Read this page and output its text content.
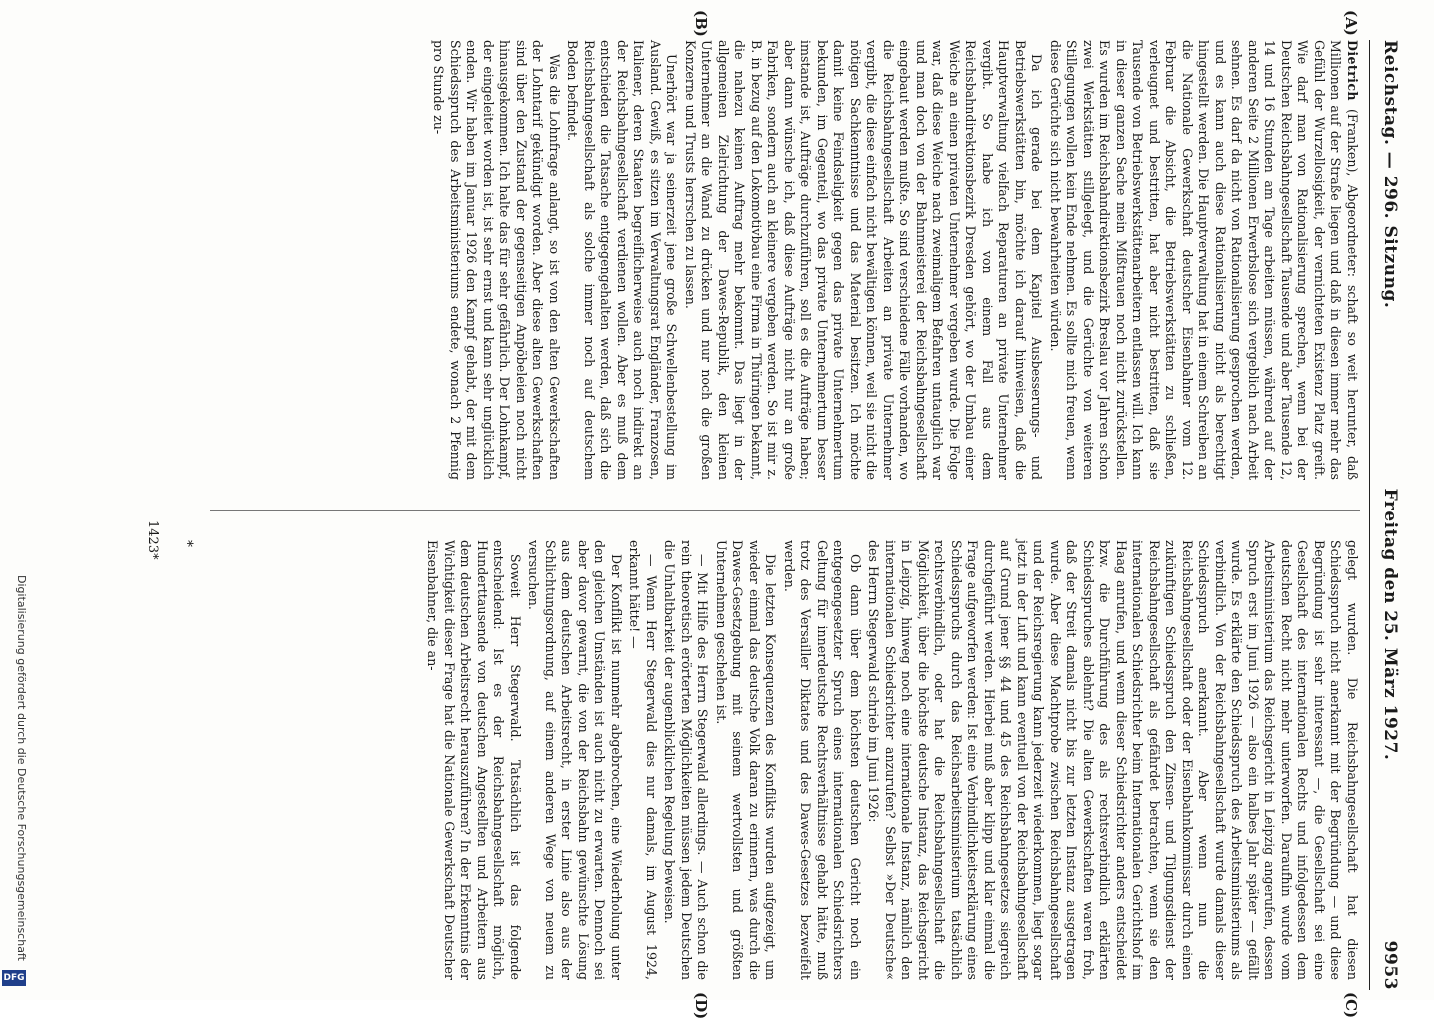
Reichstag. — 296. Sitzung.
Freitag den 25. März 1927.
9953
(A)
(B)
(C)
(D)

Dietrich (Franken), Abgeordneter: schaft so weit herunter, daß Millionen auf der Straße liegen und daß in diesen immer mehr das Gefühl der Wurzellosigkeit, der vernichteten Existenz Platz greift. Wie darf man von Rationalisierung sprechen, wenn bei der Deutschen Reichsbahngesellschaft Tausende und aber Tausende 12, 14 und 16 Stunden am Tage arbeiten müssen, während auf der anderen Seite 2 Millionen Erwerbslose sich vergeblich nach Arbeit sehnen. Es darf da nicht von Rationalisierung gesprochen werden, und es kann auch diese Rationalisierung nicht als berechtigt hingestellt werden. Die Hauptverwaltung hat in einem Schreiben an die Nationale Gewerkschaft deutscher Eisenbahner vom 12. Februar die Absicht, die Betriebswerkstätten zu schließen, verleugnet und bestritten, hat aber nicht bestritten, daß sie Tausende von Betriebswerkstättenarbeitern entlassen will. Ich kann in dieser ganzen Sache mein Mißtrauen noch nicht zurückstellen. Es wurden im Reichsbahndirektionsbezirk Breslau vor Jahren schon zwei Werkstätten stillgelegt, und die Gerüchte von weiteren Stillegungen wollen kein Ende nehmen. Es sollte mich freuen, wenn diese Gerüchte sich nicht bewahrheiten würden.

Da ich gerade bei dem Kapitel Ausbesserungs- und Betriebswerkstätten bin, möchte ich darauf hinweisen, daß die Hauptverwaltung vielfach Reparaturen an private Unternehmer vergibt. So habe ich von einem Fall aus dem Reichsbahndirektionsbezirk Dresden gehört, wo der Umbau einer Weiche an einen privaten Unternehmer vergeben wurde. Die Folge war, daß diese Weiche nach zweimaligem Befahren untauglich war und man doch von der Bahnmeisterei der Reichsbahngesellschaft eingebaut werden mußte. So sind verschiedene Fälle vorhanden, wo die Reichsbahngesellschaft Arbeiten an private Unternehmer vergibt, die diese einfach nicht bewältigen können, weil sie nicht die nötigen Sachkenntnisse und das Material besitzen. Ich möchte damit keine Feindseligkeit gegen das private Unternehmertum bekunden, im Gegenteil, wo das private Unternehmertum besser imstande ist, Aufträge durchzuführen, soll es die Aufträge haben; aber dann wünsche ich, daß diese Aufträge nicht nur an große Fabriken, sondern auch an kleinere vergeben werden. So ist mir z. B. in bezug auf den Lokomotivbau eine Firma in Thüringen bekannt, die nahezu keinen Auftrag mehr bekommt. Das liegt in der allgemeinen Zielrichtung der Dawes-Republik, den kleinen Unternehmer an die Wand zu drücken und nur noch die großen Konzerne und Trusts herrschen zu lassen.

Unerhört war ja seinerzeit jene große Schwellenbestellung im Ausland. Gewiß, es sitzen im Verwaltungsrat Engländer, Franzosen, Italiener, deren Staaten begreiflicherweise auch noch indirekt an der Reichsbahngesellschaft verdienen wollen. Aber es muß dem entschieden die Tatsache entgegengehalten werden, daß sich die Reichsbahngesellschaft als solche immer noch auf deutschem Boden befindet.

Was die Lohnfrage anlangt, so ist von den alten Gewerkschaften der Lohntarif gekündigt worden. Aber diese alten Gewerkschaften sind über den Zustand der gegenseitigen Anpöbeleien noch nicht hinausgekommen. Ich halte das für sehr gefährlich. Der Lohnkampf, der eingeleitet worden ist, ist sehr ernst und kann sehr unglücklich enden. Wir haben im Januar 1926 den Kampf gehabt, der mit dem Schiedsspruch des Arbeitsministeriums endete, wonach 2 Pfennig pro Stunde zu-

gelegt wurden. Die Reichsbahngesellschaft hat diesen Schiedsspruch nicht anerkannt mit der Begründung — und diese Begründung ist sehr interessant —, die Gesellschaft sei eine Gesellschaft des internationalen Rechts und infolgedessen dem deutschen Recht nicht mehr unterworfen. Daraufhin wurde vom Arbeitsministerium das Reichsgericht in Leipzig angerufen, dessen Spruch erst im Juni 1926 — also ein halbes Jahr später — gefällt wurde. Es erklärte den Schiedsspruch des Arbeitsministeriums als verbindlich. Von der Reichsbahngesellschaft wurde damals dieser Schiedsspruch anerkannt. Aber wenn nun die Reichsbahngesellschaft oder der Eisenbahnkommissar durch einen zukünftigen Schiedsspruch den Zinsen- und Tilgungsdienst der Reichsbahngesellschaft als gefährdet betrachten, wenn sie den internationalen Schiedsrichter beim Internationalen Gerichtshof im Haag anrufen, und wenn dieser Schiedsrichter anders entscheidet bzw. die Durchführung des als rechtsverbindlich erklärten Schiedsspruches ablehnt? Die alten Gewerkschaften waren froh, daß der Streit damals nicht bis zur letzten Instanz ausgetragen wurde. Aber diese Machtprobe zwischen Reichsbahngesellschaft und der Reichsregierung kann jederzeit wiederkommen, liegt sogar jetzt in der Luft und kann eventuell von der Reichsbahngesellschaft auf Grund jener §§ 44 und 45 des Reichsbahngesetzes siegreich durchgeführt werden. Hierbei muß aber klipp und klar einmal die Frage aufgeworfen werden: Ist eine Verbindlichkeitserklärung eines Schiedsspruchs durch das Reichsarbeitsministerium tatsächlich rechtsverbindlich, oder hat die Reichsbahngesellschaft die Möglichkeit, über die höchste deutsche Instanz, das Reichsgericht in Leipzig, hinweg noch eine internationale Instanz, nämlich den internationalen Schiedsrichter anzurufen? Selbst »Der Deutsche« des Herrn Stegerwald schrieb im Juni 1926:

Ob dann über dem höchsten deutschen Gericht noch ein entgegengesetzter Spruch eines internationalen Schiedsrichters Geltung für innerdeutsche Rechtsverhältnisse gehabt hätte, muß trotz des Versailler Diktates und des Dawes-Gesetzes bezweifelt werden.

Die letzten Konsequenzen des Konflikts wurden aufgezeigt, um wieder einmal das deutsche Volk daran zu erinnern, was durch die Dawes-Gesetzgebung mit seinem wertvollsten und größten Unternehmen geschehen ist.

— Mit Hilfe des Herrn Stegerwald allerdings. — Auch schon die rein theoretisch erörterten Möglichkeiten müssen jedem Deutschen die Unhaltbarkeit der augenblicklichen Regelung beweisen.

— Wenn Herr Stegerwald dies nur damals, im August 1924, erkannt hätte! —

Der Konflikt ist nunmehr abgebrochen, eine Wiederholung unter den gleichen Umständen ist auch nicht zu erwarten. Dennoch sei aber davor gewarnt, die von der Reichsbahn gewünschte Lösung aus dem deutschen Arbeitsrecht, in erster Linie also aus der Schlichtungsordnung, auf einem anderen Wege von neuem zu versuchen.

Soweit Herr Stegerwald. Tatsächlich ist das folgende entscheidend: Ist es der Reichsbahngesellschaft möglich, Hunderttausende von deutschen Angestellten und Arbeitern aus dem deutschen Arbeitsrecht herauszuführen? In der Erkenntnis der Wichtigkeit dieser Frage hat die Nationale Gewerkschaft Deutscher Eisenbahner, die an-

*
1423*
Digitalisierung gefördert durch die Deutsche Forschungsgemeinschaft
DFG
